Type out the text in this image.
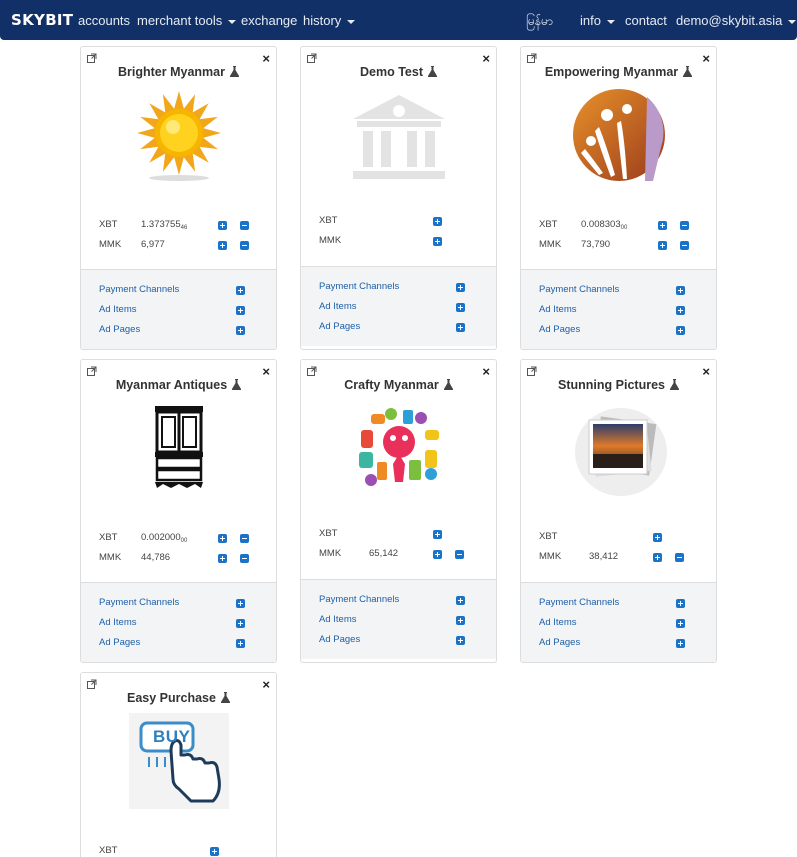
SKYBIT accounts merchant tools	exchange history	မြန်မာ info	contact demo@skybit.asia
×
Brighter Myanmar
XBT $1.373755_{46}$
MMK 6,977
Payment Channels
Ad Items
Ad Pages
×
Demo Test
XBT
MMK
Payment Channels
Ad Items
Ad Pages
×
Empowering Myanmar
XBT $0.008303_{00}$
MMK 73,790
Payment Channels
Ad Items
Ad Pages
×
Myanmar Antiques
XBT $0.002000_{00}$
MMK 44,786
Payment Channels
Ad Items
Ad Pages
×
Crafty Myanmar
XBT
MMK	65,142
Payment Channels
Ad Items
Ad Pages
×
Stunning Pictures
XBT
MMK	38,412
Payment Channels
Ad Items
Ad Pages
×
Easy Purchase
BUY
XBT
